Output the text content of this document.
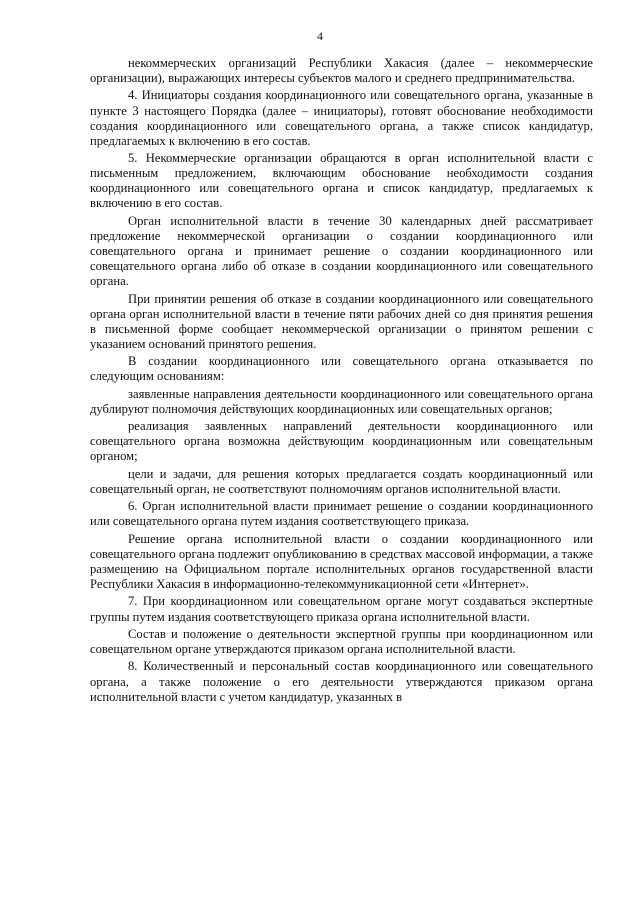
4

некоммерческих организаций Республики Хакасия (далее – некоммерческие организации), выражающих интересы субъектов малого и среднего предпринимательства.

4. Инициаторы создания координационного или совещательного органа, указанные в пункте 3 настоящего Порядка (далее – инициаторы), готовят обоснование необходимости создания координационного или совещательного органа, а также список кандидатур, предлагаемых к включению в его состав.

5. Некоммерческие организации обращаются в орган исполнительной власти с письменным предложением, включающим обоснование необходимости создания координационного или совещательного органа и список кандидатур, предлагаемых к включению в его состав.

Орган исполнительной власти в течение 30 календарных дней рассматривает предложение некоммерческой организации о создании координационного или совещательного органа и принимает решение о создании координационного или совещательного органа либо об отказе в создании координационного или совещательного органа.

При принятии решения об отказе в создании координационного или совещательного органа орган исполнительной власти в течение пяти рабочих дней со дня принятия решения в письменной форме сообщает некоммерческой организации о принятом решении с указанием оснований принятого решения.

В создании координационного или совещательного органа отказывается по следующим основаниям:

заявленные направления деятельности координационного или совещательного органа дублируют полномочия действующих координационных или совещательных органов;

реализация заявленных направлений деятельности координационного или совещательного органа возможна действующим координационным или совещательным органом;

цели и задачи, для решения которых предлагается создать координационный или совещательный орган, не соответствуют полномочиям органов исполнительной власти.

6. Орган исполнительной власти принимает решение о создании координационного или совещательного органа путем издания соответствующего приказа.

Решение органа исполнительной власти о создании координационного или совещательного органа подлежит опубликованию в средствах массовой информации, а также размещению на Официальном портале исполнительных органов государственной власти Республики Хакасия в информационно-телекоммуникационной сети «Интернет».

7. При координационном или совещательном органе могут создаваться экспертные группы путем издания соответствующего приказа органа исполнительной власти.

Состав и положение о деятельности экспертной группы при координационном или совещательном органе утверждаются приказом органа исполнительной власти.

8. Количественный и персональный состав координационного или совещательного органа, а также положение о его деятельности утверждаются приказом органа исполнительной власти с учетом кандидатур, указанных в
